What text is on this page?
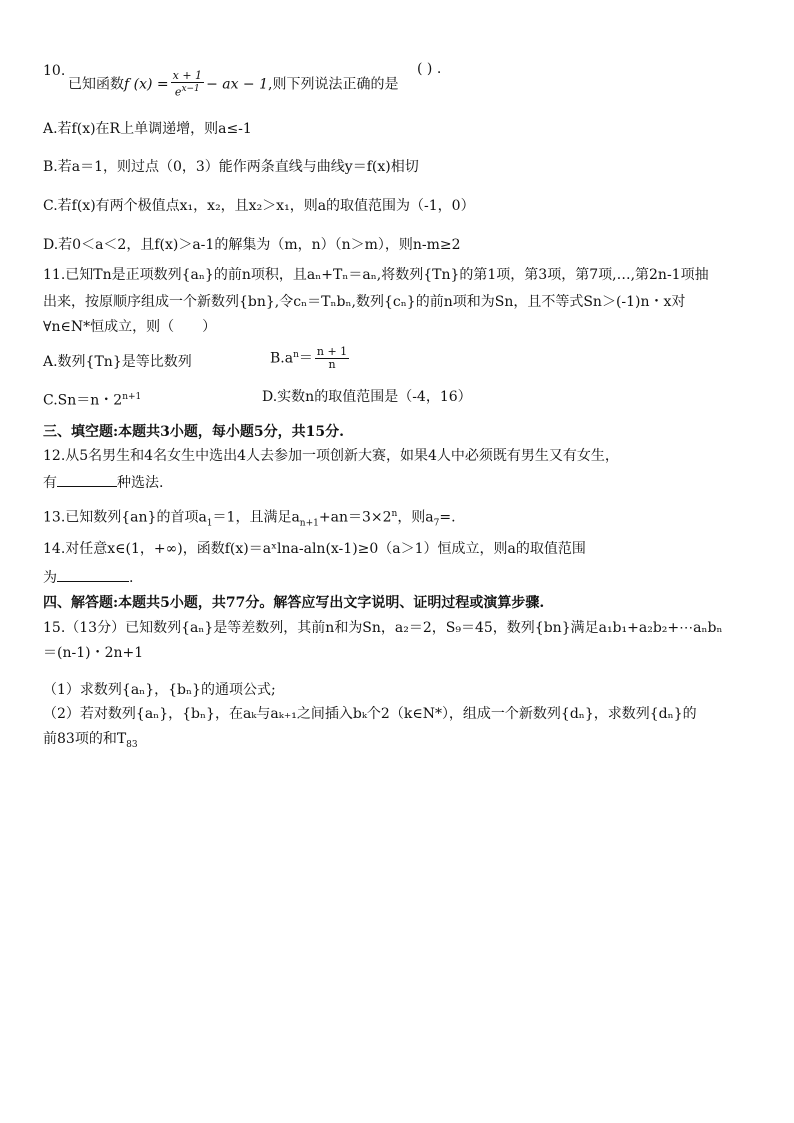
10.
已知函数f $(x) = \frac{x + 1}{e^{x-1}}$ − ax − 1,则下列说法正确的是
( ) .
A.若f(x)在R上单调递增，则a≤-1
B.若a＝1，则过点（0，3）能作两条直线与曲线y＝f(x)相切
C.若f(x)有两个极值点x₁，x₂，且x₂＞x₁，则a的取值范围为（-1，0）
D.若0＜a＜2，且f(x)＞a-1的解集为（m，n）（n＞m），则n-m≥2
11.已知Tn是正项数列{aₙ}的前n项积，且aₙ+Tₙ＝aₙ,将数列{Tn}的第1项，第3项，第7项,…,第2n-1项抽
出来，按原顺序组成一个新数列{bn},令cₙ＝Tₙbₙ,数列{cₙ}的前n项和为Sn，且不等式Sn＞(-1)n・x对
∀n∈N*恒成立，则（　　）
A.数列{Tn}是等比数列	$B.a^n= \frac{n + 1}{n}$
C.Sn＝n・$2^{n+1}$	D.实数n的取值范围是（-4，16）
三、填空题:本题共3小题，每小题5分，共15分.
12.从5名男生和4名女生中选出4人去参加一项创新大赛，如果4人中必须既有男生又有女生，
有	种选法.
13.已知数列{an}的首项$a_1=1$，且满足$a_{n+1}+an=3\times 2^n$，则$a_7=$.
14.对任意x∈(1，+∞)，函数f(x)＝aˣlna-aln(x-1)≥0（a＞1）恒成立，则a的取值范围
为	.
四、解答题:本题共5小题，共77分。解答应写出文字说明、证明过程或演算步骤.
15.（13分）已知数列{aₙ}是等差数列，其前n和为Sn，a₂＝2，S₉＝45，数列{bn}满足a₁b₁+a₂b₂+⋯aₙbₙ
＝(n-1)・2n+1
（1）求数列{aₙ}，{bₙ}的通项公式;
（2）若对数列{aₙ}，{bₙ}，在aₖ与aₖ₊₁之间插入bₖ个2（k∈N*），组成一个新数列{dₙ}，求数列{dₙ}的
前83项的和$T_{83}$
